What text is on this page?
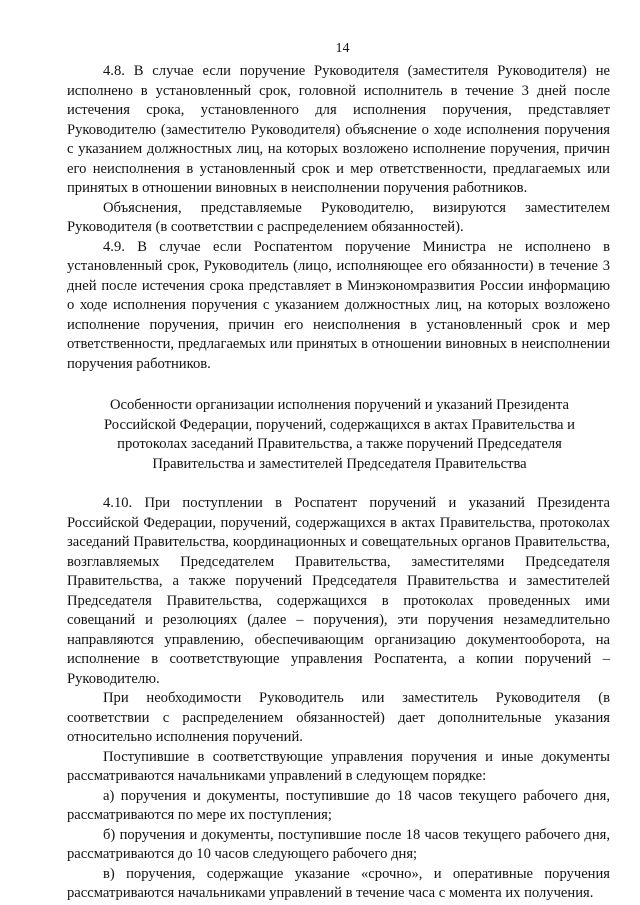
14

4.8. В случае если поручение Руководителя (заместителя Руководителя) не исполнено в установленный срок, головной исполнитель в течение 3 дней после истечения срока, установленного для исполнения поручения, представляет Руководителю (заместителю Руководителя) объяснение о ходе исполнения поручения с указанием должностных лиц, на которых возложено исполнение поручения, причин его неисполнения в установленный срок и мер ответственности, предлагаемых или принятых в отношении виновных в неисполнении поручения работников.

Объяснения, представляемые Руководителю, визируются заместителем Руководителя (в соответствии с распределением обязанностей).

4.9. В случае если Роспатентом поручение Министра не исполнено в установленный срок, Руководитель (лицо, исполняющее его обязанности) в течение 3 дней после истечения срока представляет в Минэкономразвития России информацию о ходе исполнения поручения с указанием должностных лиц, на которых возложено исполнение поручения, причин его неисполнения в установленный срок и мер ответственности, предлагаемых или принятых в отношении виновных в неисполнении поручения работников.

Особенности организации исполнения поручений и указаний Президента
Российской Федерации, поручений, содержащихся в актах Правительства и
протоколах заседаний Правительства, а также поручений Председателя
Правительства и заместителей Председателя Правительства

4.10. При поступлении в Роспатент поручений и указаний Президента Российской Федерации, поручений, содержащихся в актах Правительства, протоколах заседаний Правительства, координационных и совещательных органов Правительства, возглавляемых Председателем Правительства, заместителями Председателя Правительства, а также поручений Председателя Правительства и заместителей Председателя Правительства, содержащихся в протоколах проведенных ими совещаний и резолюциях (далее – поручения), эти поручения незамедлительно направляются управлению, обеспечивающим организацию документооборота, на исполнение в соответствующие управления Роспатента, а копии поручений – Руководителю.

При необходимости Руководитель или заместитель Руководителя (в соответствии с распределением обязанностей) дает дополнительные указания относительно исполнения поручений.

Поступившие в соответствующие управления поручения и иные документы рассматриваются начальниками управлений в следующем порядке:

а) поручения и документы, поступившие до 18 часов текущего рабочего дня, рассматриваются по мере их поступления;

б) поручения и документы, поступившие после 18 часов текущего рабочего дня, рассматриваются до 10 часов следующего рабочего дня;

в) поручения, содержащие указание «срочно», и оперативные поручения рассматриваются начальниками управлений в течение часа с момента их получения.
